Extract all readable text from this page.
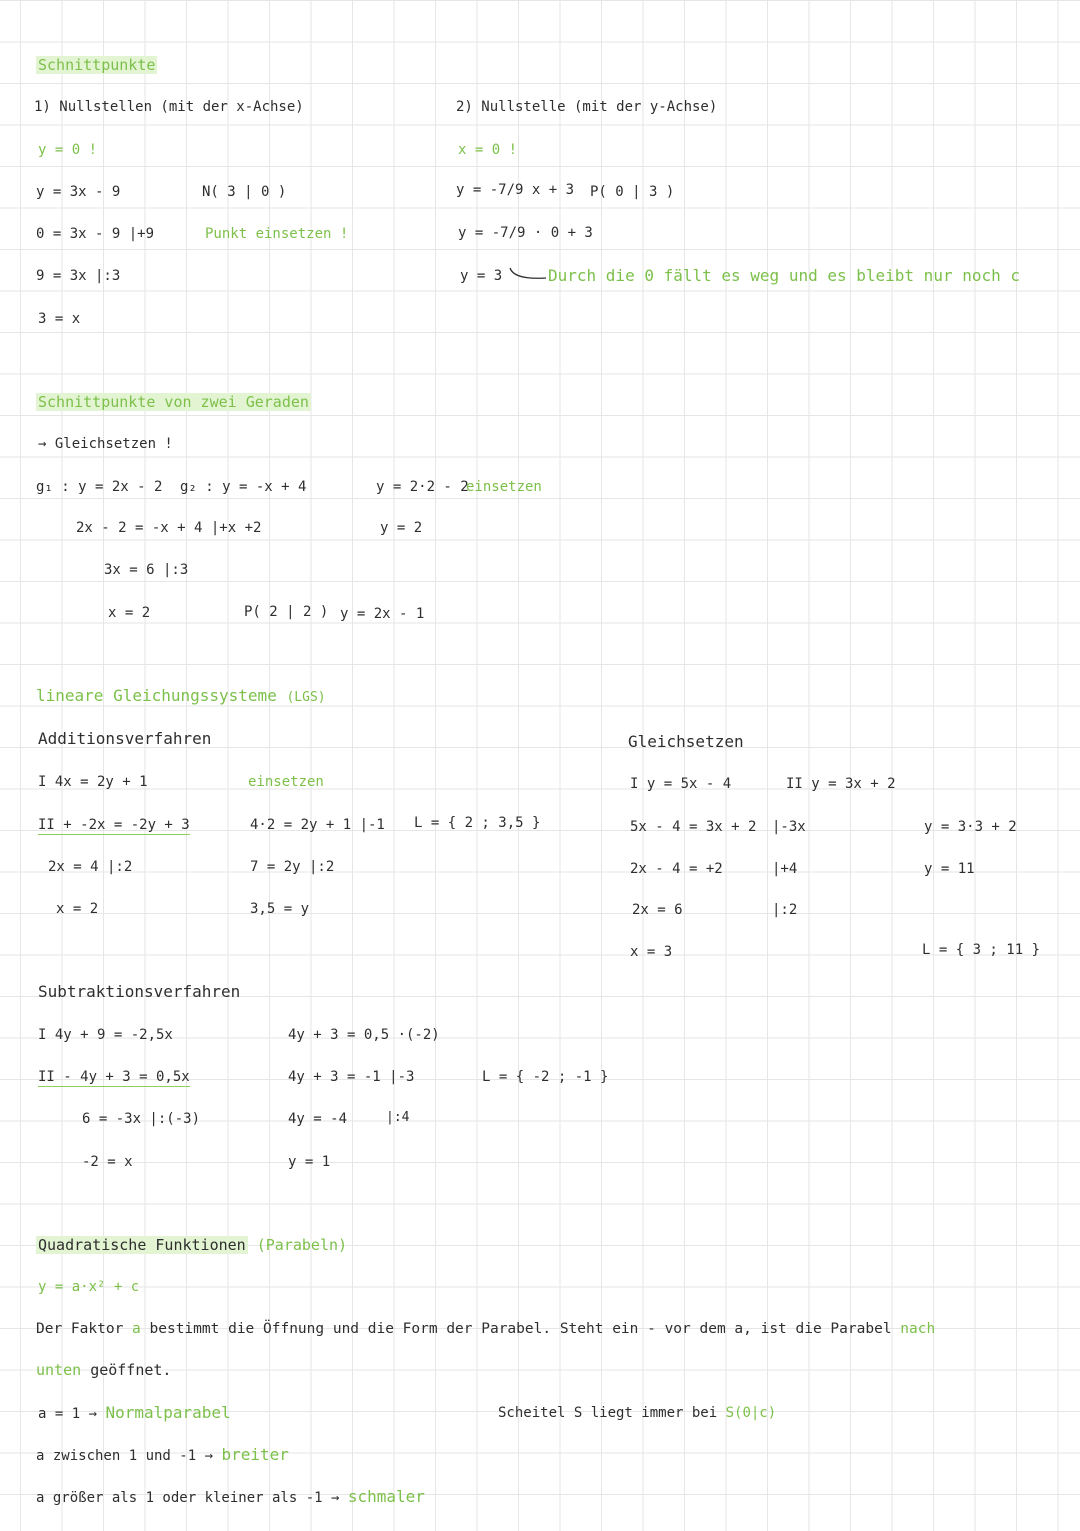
Schnittpunkte
1) Nullstellen (mit der x-Achse)	2) Nullstelle (mit der y-Achse)
y = 0 !	x = 0 !
y = 3x - 9	N( 3 | 0 )	y = -7/9 x + 3 P( 0 | 3 )
0 = 3x - 9 |+9	Punkt einsetzen !	y = -7/9 · 0 + 3
9 = 3x |:3	y = 3	Durch die 0 fällt es weg und es bleibt nur noch c
3 = x
Schnittpunkte von zwei Geraden
→ Gleichsetzen !
g₁ : y = 2x - 2 g₂ : y = -x + 4	y = 2·2 - 2
einsetzen
2x - 2 = -x + 4 |+x +2	y = 2
3x = 6 |:3
x = 2	P( 2 | 2 ) y = 2x - 1
lineare Gleichungssysteme (LGS)
Additionsverfahren
I 4x = 2y + 1	einsetzen
II + -2x = -2y + 3	4·2 = 2y + 1 |-1 L = { 2 ; 3,5 }
2x = 4 |:2	7 = 2y |:2
x = 2	3,5 = y
Gleichsetzen
I y = 5x - 4	II y = 3x + 2
5x - 4 = 3x + 2 |-3x	y = 3·3 + 2
2x - 4 = +2	|+4	y = 11
2x = 6	|:2
x = 3	L = { 3 ; 11 }
Subtraktionsverfahren
I 4y + 9 = -2,5x	4y + 3 = 0,5 ·(-2)
II - 4y + 3 = 0,5x	4y + 3 = -1 |-3	L = { -2 ; -1 }
6 = -3x |:(-3)	4y = -4	|:4
-2 = x	y = 1
Quadratische Funktionen (Parabeln)
y = a·x² + c
Der Faktor a bestimmt die Öffnung und die Form der Parabel. Steht ein - vor dem a, ist die Parabel nach
unten geöffnet.
a = 1 → Normalparabel	Scheitel S liegt immer bei S(0|c)
a zwischen 1 und -1 → breiter
a größer als 1 oder kleiner als -1 → schmaler
